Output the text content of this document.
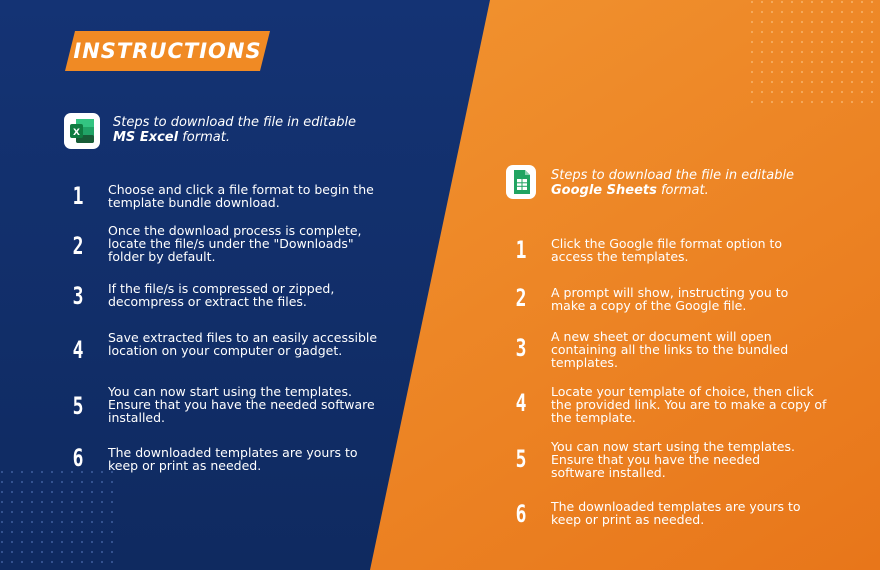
INSTRUCTIONS
X
Steps to download the file in editable
MS Excel format.
1	Choose and click a file format to begin the template bundle download.
2
Once the download process is complete, locate the file/s under the "Downloads" folder by default.
3	If the file/s is compressed or zipped, decompress or extract the files.
4	Save extracted files to an easily accessible location on your computer or gadget.
5
You can now start using the templates. Ensure that you have the needed software installed.
6	The downloaded templates are yours to keep or print as needed.
Steps to download the file in editable
Google Sheets format.
1	Click the Google file format option to access the templates.
2	A prompt will show, instructing you to make a copy of the Google file.
3	A new sheet or document will open containing all the links to the bundled templates.
4	Locate your template of choice, then click the provided link. You are to make a copy of the template.
5	You can now start using the templates. Ensure that you have the needed software installed.
6	The downloaded templates are yours to keep or print as needed.
